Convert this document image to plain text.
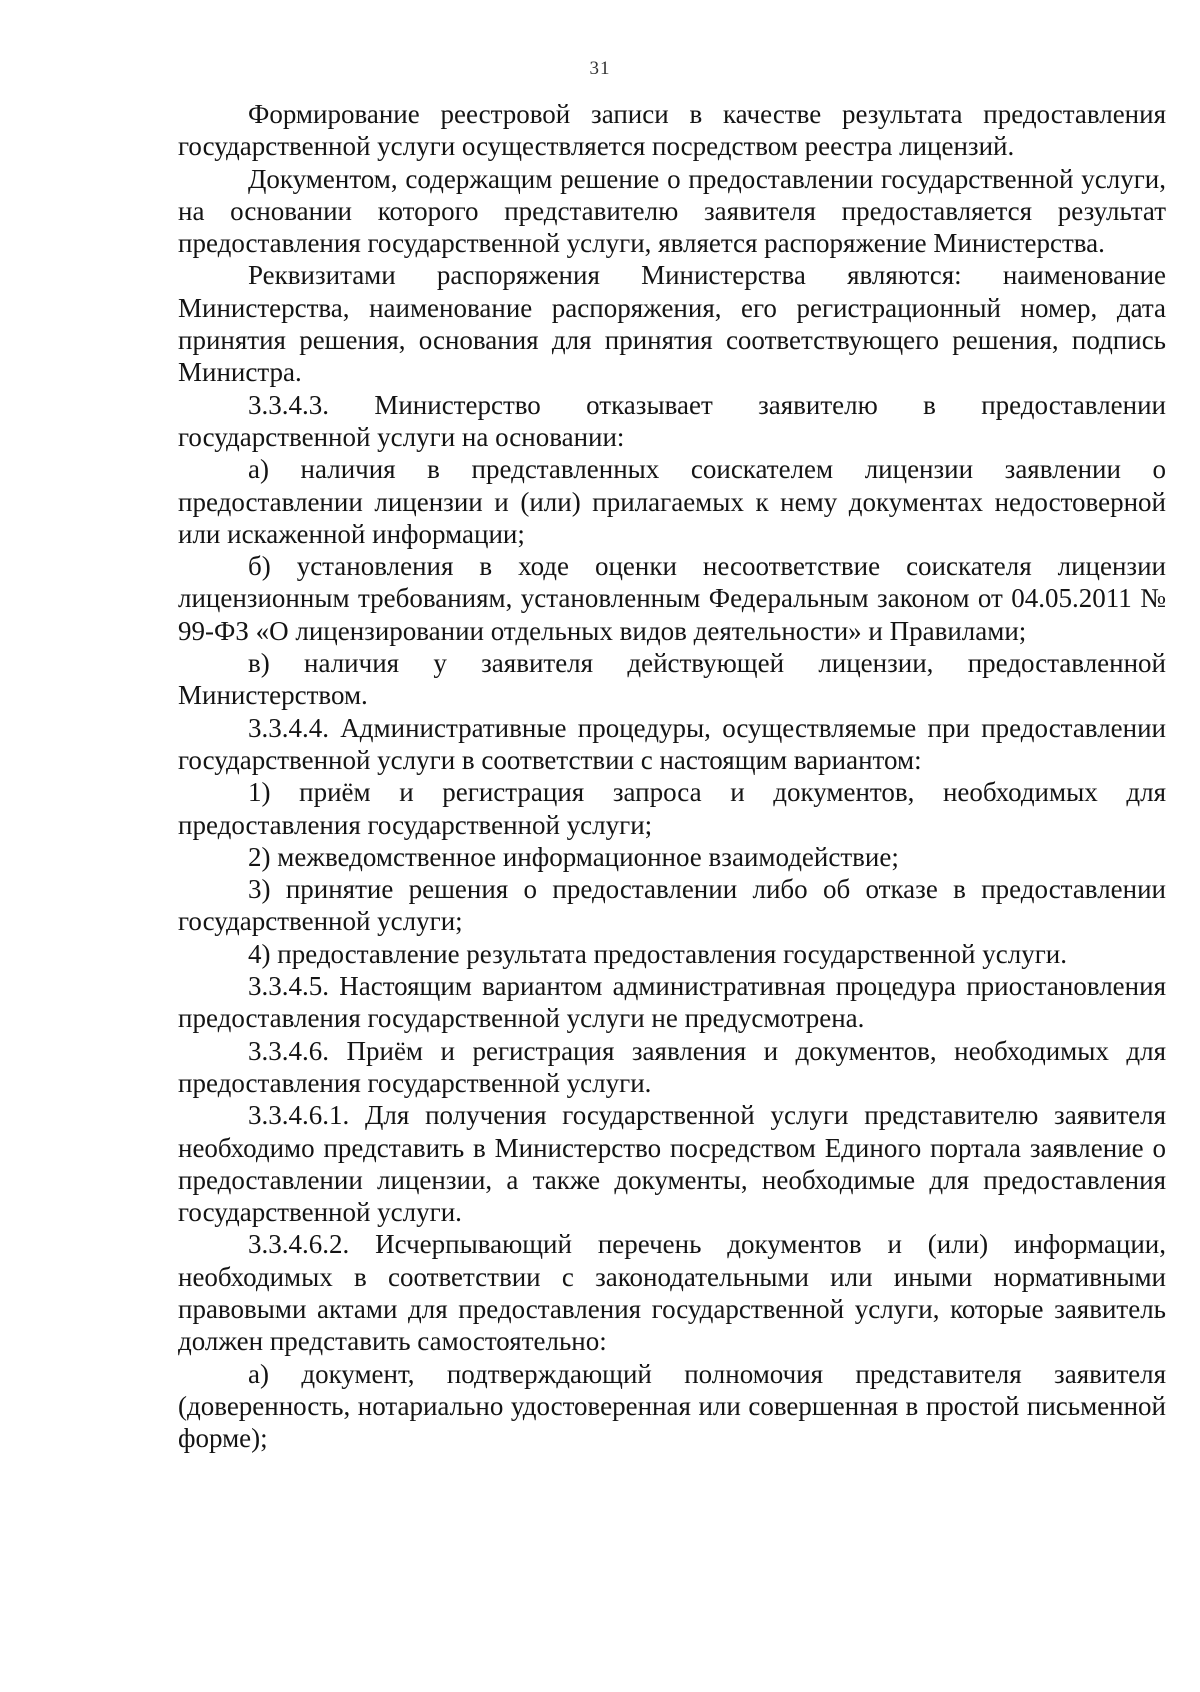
31

Формирование реестровой записи в качестве результата предоставления государственной услуги осуществляется посредством реестра лицензий.

Документом, содержащим решение о предоставлении государственной услуги, на основании которого представителю заявителя предоставляется результат предоставления государственной услуги, является распоряжение Министерства.

Реквизитами распоряжения Министерства являются: наименование Министерства, наименование распоряжения, его регистрационный номер, дата принятия решения, основания для принятия соответствующего решения, подпись Министра.

3.3.4.3. Министерство отказывает заявителю в предоставлении государственной услуги на основании:

а) наличия в представленных соискателем лицензии заявлении о предоставлении лицензии и (или) прилагаемых к нему документах недостоверной или искаженной информации;

б) установления в ходе оценки несоответствие соискателя лицензии лицензионным требованиям, установленным Федеральным законом от 04.05.2011 № 99-ФЗ «О лицензировании отдельных видов деятельности» и Правилами;

в) наличия у заявителя действующей лицензии, предоставленной Министерством.

3.3.4.4. Административные процедуры, осуществляемые при предоставлении государственной услуги в соответствии с настоящим вариантом:

1) приём и регистрация запроса и документов, необходимых для предоставления государственной услуги;

2) межведомственное информационное взаимодействие;

3) принятие решения о предоставлении либо об отказе в предоставлении государственной услуги;

4) предоставление результата предоставления государственной услуги.

3.3.4.5. Настоящим вариантом административная процедура приостановления предоставления государственной услуги не предусмотрена.

3.3.4.6. Приём и регистрация заявления и документов, необходимых для предоставления государственной услуги.

3.3.4.6.1. Для получения государственной услуги представителю заявителя необходимо представить в Министерство посредством Единого портала заявление о предоставлении лицензии, а также документы, необходимые для предоставления государственной услуги.

3.3.4.6.2. Исчерпывающий перечень документов и (или) информации, необходимых в соответствии с законодательными или иными нормативными правовыми актами для предоставления государственной услуги, которые заявитель должен представить самостоятельно:

а) документ, подтверждающий полномочия представителя заявителя (доверенность, нотариально удостоверенная или совершенная в простой письменной форме);
